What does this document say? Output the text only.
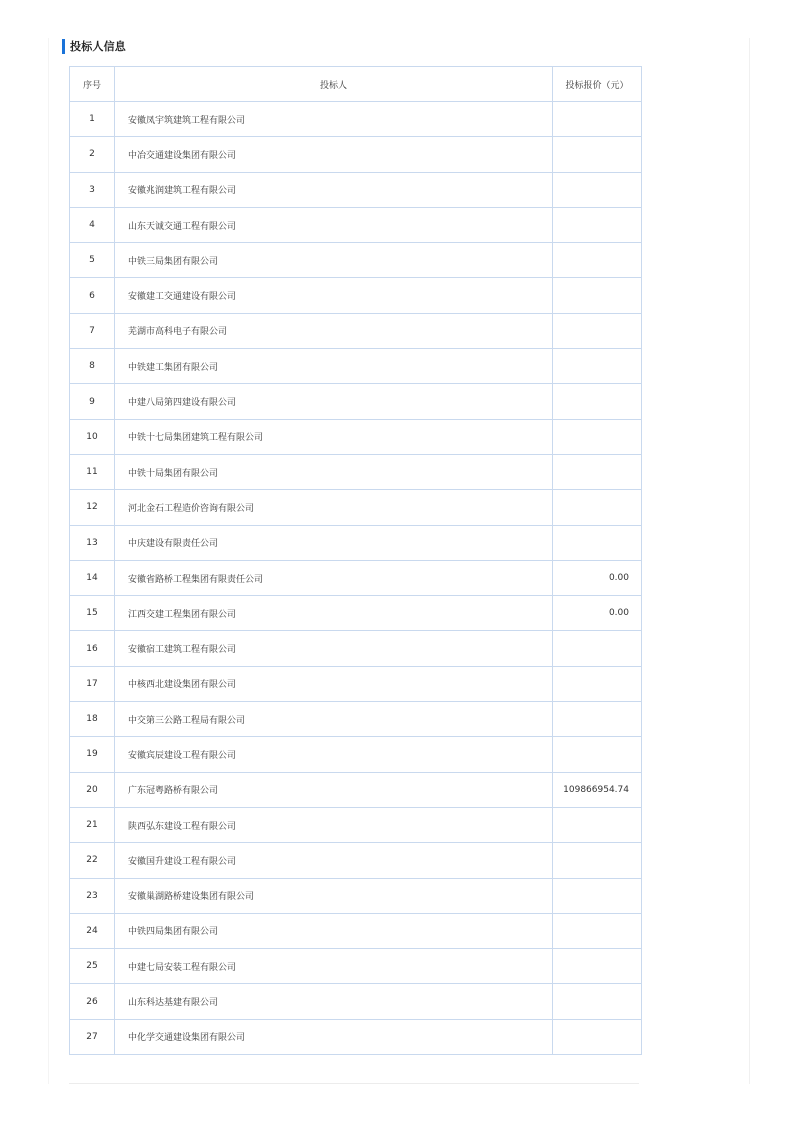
投标人信息
序号	投标人	投标报价（元）
1	安徽凤宇筑建筑工程有限公司	
2	中冶交通建设集团有限公司	
3	安徽兆润建筑工程有限公司	
4	山东天诚交通工程有限公司	
5	中铁三局集团有限公司	
6	安徽建工交通建设有限公司	
7	芜湖市高科电子有限公司	
8	中铁建工集团有限公司	
9	中建八局第四建设有限公司	
10	中铁十七局集团建筑工程有限公司	
11	中铁十局集团有限公司	
12	河北金石工程造价咨询有限公司	
13	中庆建设有限责任公司	
14	安徽省路桥工程集团有限责任公司	0.00
15	江西交建工程集团有限公司	0.00
16	安徽宿工建筑工程有限公司	
17	中核西北建设集团有限公司	
18	中交第三公路工程局有限公司	
19	安徽宾辰建设工程有限公司	
20	广东冠粤路桥有限公司	109866954.74
21	陕西弘东建设工程有限公司	
22	安徽国升建设工程有限公司	
23	安徽巢湖路桥建设集团有限公司	
24	中铁四局集团有限公司	
25	中建七局安装工程有限公司	
26	山东科达基建有限公司	
27	中化学交通建设集团有限公司	
